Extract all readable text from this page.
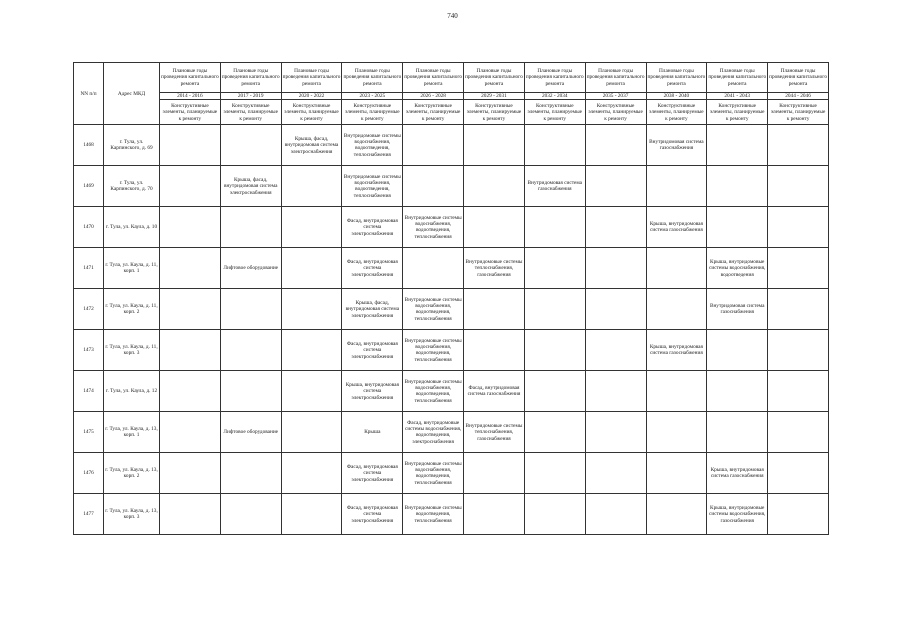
740
NN п/п	Адрес МКД	Плановые годы проведения капитального ремонта	Плановые годы проведения капитального ремонта	Плановые годы проведения капитального ремонта	Плановые годы проведения капитального ремонта	Плановые годы проведения капитального ремонта	Плановые годы проведения капитального ремонта	Плановые годы проведения капитального ремонта	Плановые годы проведения капитального ремонта	Плановые годы проведения капитального ремонта	Плановые годы проведения капитального ремонта	Плановые годы проведения капитального ремонта
		2014 - 2016	2017 - 2019	2020 - 2022	2023 - 2025	2026 - 2028	2029 - 2031	2032 - 2034	2035 - 2037	2038 - 2040	2041 - 2043	2044 - 2046
		Конструктивные элементы, планируемые к ремонту	Конструктивные элементы, планируемые к ремонту	Конструктивные элементы, планируемые к ремонту	Конструктивные элементы, планируемые к ремонту	Конструктивные элементы, планируемые к ремонту	Конструктивные элементы, планируемые к ремонту	Конструктивные элементы, планируемые к ремонту	Конструктивные элементы, планируемые к ремонту	Конструктивные элементы, планируемые к ремонту	Конструктивные элементы, планируемые к ремонту	Конструктивные элементы, планируемые к ремонту
1468	г. Тула, ул. Карпинского, д. 69			Крыша, фасад, внутридомовая система электроснабжения	Внутридомовые системы водоснабжения, водоотведения, теплоснабжения					Внутридомовая система газоснабжения		
1469	г. Тула, ул. Карпинского, д. 70		Крыша, фасад, внутридомовая система электроснабжения		Внутридомовые системы водоснабжения, водоотведения, теплоснабжения			Внутридомовая система газоснабжения				
1470	г. Тула, ул. Каула, д. 10				Фасад, внутридомовая система электроснабжения	Внутридомовые системы водоснабжения, водоотведения, теплоснабжения				Крыша, внутридомовая система газоснабжения		
1471	г. Тула, ул. Каула, д. 11, корп. 1		Лифтовое оборудование		Фасад, внутридомовая система электроснабжения		Внутридомовые системы теплоснабжения, газоснабжения				Крыша, внутридомовые системы водоснабжения, водоотведения	
1472	г. Тула, ул. Каула, д. 11, корп. 2				Крыша, фасад, внутридомовая система электроснабжения	Внутридомовые системы водоснабжения, водоотведения, теплоснабжения					Внутридомовая система газоснабжения	
1473	г. Тула, ул. Каула, д. 11, корп. 3				Фасад, внутридомовая система электроснабжения	Внутридомовые системы водоснабжения, водоотведения, теплоснабжения				Крыша, внутридомовая система газоснабжения		
1474	г. Тула, ул. Каула, д. 12				Крыша, внутридомовая система электроснабжения	Внутридомовые системы водоснабжения, водоотведения, теплоснабжения	Фасад, внутридомовая система газоснабжения					
1475	г. Тула, ул. Каула, д. 13, корп. 1		Лифтовое оборудование		Крыша	Фасад, внутридомовые системы водоснабжения, водоотведения, электроснабжения	Внутридомовые системы теплоснабжения, газоснабжения					
1476	г. Тула, ул. Каула, д. 13, корп. 2				Фасад, внутридомовая система электроснабжения	Внутридомовые системы водоснабжения, водоотведения, теплоснабжения					Крыша, внутридомовая система газоснабжения	
1477	г. Тула, ул. Каула, д. 13, корп. 3				Фасад, внутридомовая система электроснабжения	Внутридомовые системы водоотведения, теплоснабжения					Крыша, внутридомовые системы водоснабжения, газоснабжения	
